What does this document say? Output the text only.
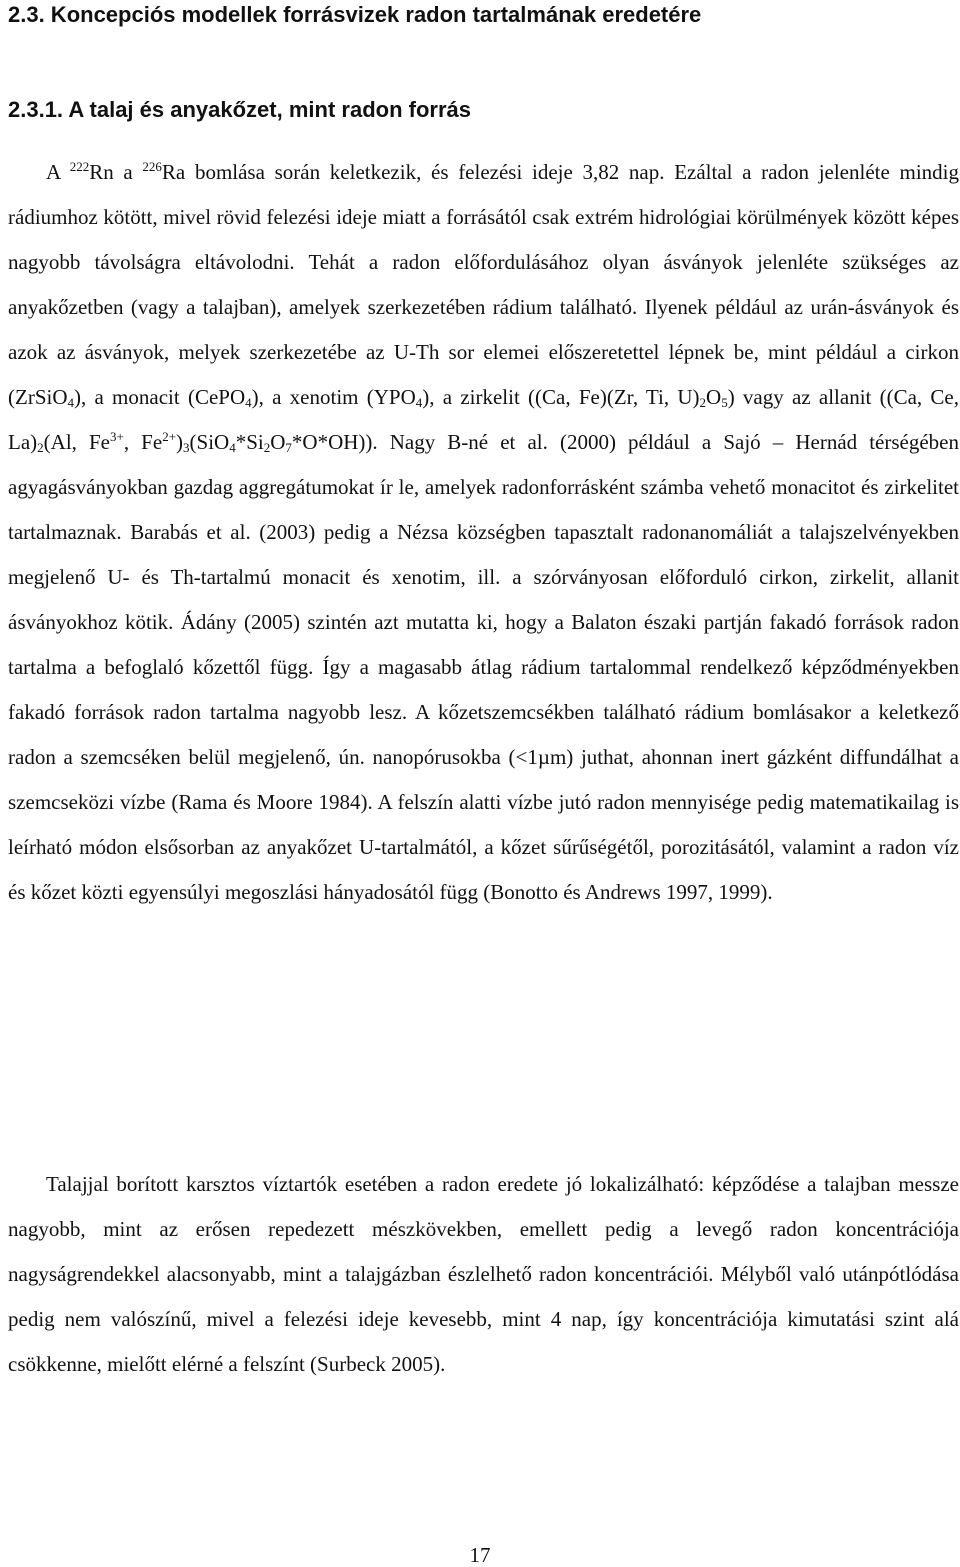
2.3. Koncepciós modellek forrásvizek radon tartalmának eredetére
2.3.1. A talaj és anyakőzet, mint radon forrás

A $^{222}$Rn a $^{226}$Ra bomlása során keletkezik, és felezési ideje 3,82 nap. Ezáltal a radon jelenléte mindig rádiumhoz kötött, mivel rövid felezési ideje miatt a forrásától csak extrém hidrológiai körülmények között képes nagyobb távolságra eltávolodni. Tehát a radon előfordulásához olyan ásványok jelenléte szükséges az anyakőzetben (vagy a talajban), amelyek szerkezetében rádium található. Ilyenek például az urán-ásványok és azok az ásványok, melyek szerkezetébe az U-Th sor elemei előszeretettel lépnek be, mint például a cirkon (ZrSiO$_4$), a monacit (CePO$_4$), a xenotim $(YPO_4)$, a zirkelit ((Ca, Fe)(Zr, Ti, $U)_2O_5$) vagy az allanit ((Ca, Ce, $La)_2(Al$, $Fe^{3+}$, $Fe^{2+})_3(SiO_4*Si_2O_7*O*OH)$). Nagy B-né et al. (2000) például a Sajó – Hernád térségében agyagásványokban gazdag aggregátumokat ír le, amelyek radonforrásként számba vehető monacitot és zirkelitet tartalmaznak. Barabás et al. (2003) pedig a Nézsa községben tapasztalt radonanomáliát a talajszelvényekben megjelenő U- és Th-tartalmú monacit és xenotim, ill. a szórványosan előforduló cirkon, zirkelit, allanit ásványokhoz kötik. Ádány (2005) szintén azt mutatta ki, hogy a Balaton északi partján fakadó források radon tartalma a befoglaló kőzettől függ. Így a magasabb átlag rádium tartalommal rendelkező képződményekben fakadó források radon tartalma nagyobb lesz. A kőzetszemcsékben található rádium bomlásakor a keletkező radon a szemcséken belül megjelenő, ún. nanopórusokba (<1µm) juthat, ahonnan inert gázként diffundálhat a szemcseközi vízbe (Rama és Moore 1984). A felszín alatti vízbe jutó radon mennyisége pedig matematikailag is leírható módon elsősorban az anyakőzet U-tartalmától, a kőzet sűrűségétől, porozitásától, valamint a radon víz és kőzet közti egyensúlyi megoszlási hányadosától függ (Bonotto és Andrews 1997, 1999).

Talajjal borított karsztos víztartók esetében a radon eredete jó lokalizálható: képződése a talajban messze nagyobb, mint az erősen repedezett mészkövekben, emellett pedig a levegő radon koncentrációja nagyságrendekkel alacsonyabb, mint a talajgázban észlelhető radon koncentrációi. Mélyből való utánpótlódása pedig nem valószínű, mivel a felezési ideje kevesebb, mint 4 nap, így koncentrációja kimutatási szint alá csökkenne, mielőtt elérné a felszínt (Surbeck 2005).

17
